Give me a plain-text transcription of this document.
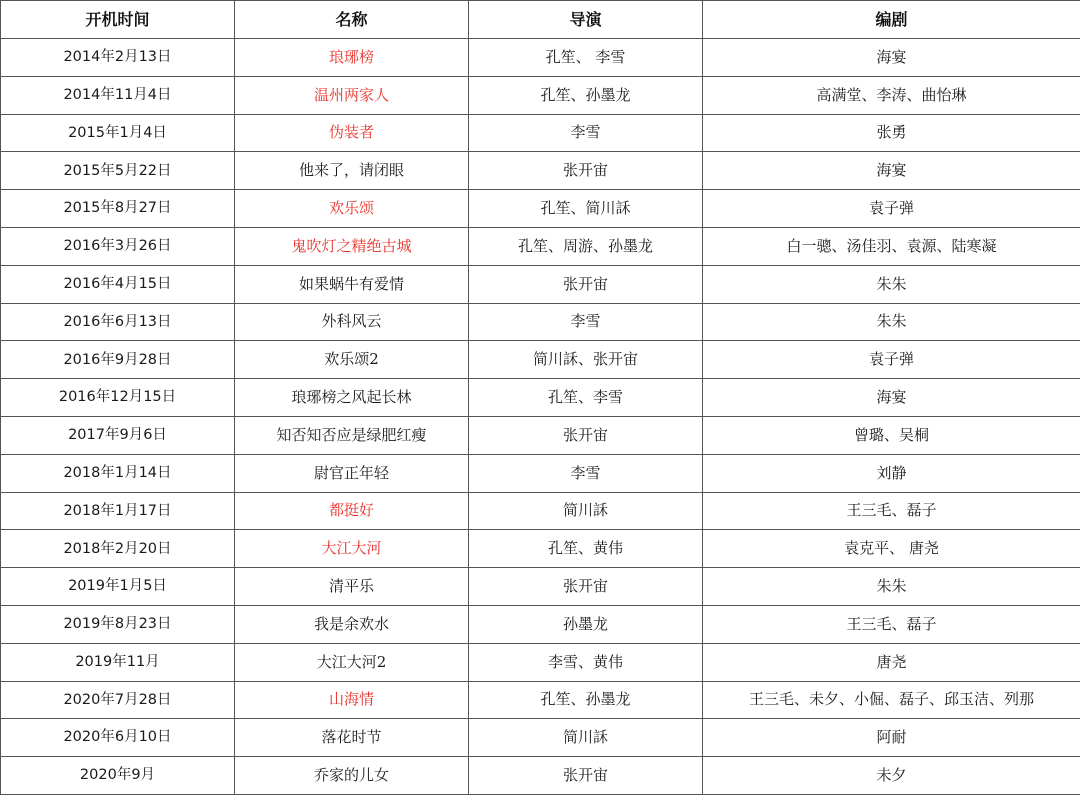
开机时间	名称	导演	编剧
2014年2月13日	琅琊榜	孔笙、 李雪	海宴
2014年11月4日	温州两家人	孔笙、孙墨龙	高满堂、李涛、曲怡琳
2015年1月4日	伪装者	李雪	张勇
2015年5月22日	他来了，请闭眼	张开宙	海宴
2015年8月27日	欢乐颂	孔笙、简川訸	袁子弹
2016年3月26日	鬼吹灯之精绝古城	孔笙、周游、孙墨龙	白一骢、汤佳羽、袁源、陆寒凝
2016年4月15日	如果蜗牛有爱情	张开宙	朱朱
2016年6月13日	外科风云	李雪	朱朱
2016年9月28日	欢乐颂2	简川訸、张开宙	袁子弹
2016年12月15日	琅琊榜之风起长林	孔笙、李雪	海宴
2017年9月6日	知否知否应是绿肥红瘦	张开宙	曾璐、吴桐
2018年1月14日	尉官正年轻	李雪	刘静
2018年1月17日	都挺好	简川訸	王三毛、磊子
2018年2月20日	大江大河	孔笙、黄伟	袁克平、 唐尧
2019年1月5日	清平乐	张开宙	朱朱
2019年8月23日	我是余欢水	孙墨龙	王三毛、磊子
2019年11月	大江大河2	李雪、黄伟	唐尧
2020年7月28日	山海情	孔笙、孙墨龙	王三毛、未夕、小倔、磊子、邱玉洁、列那
2020年6月10日	落花时节	简川訸	阿耐
2020年9月	乔家的儿女	张开宙	未夕
